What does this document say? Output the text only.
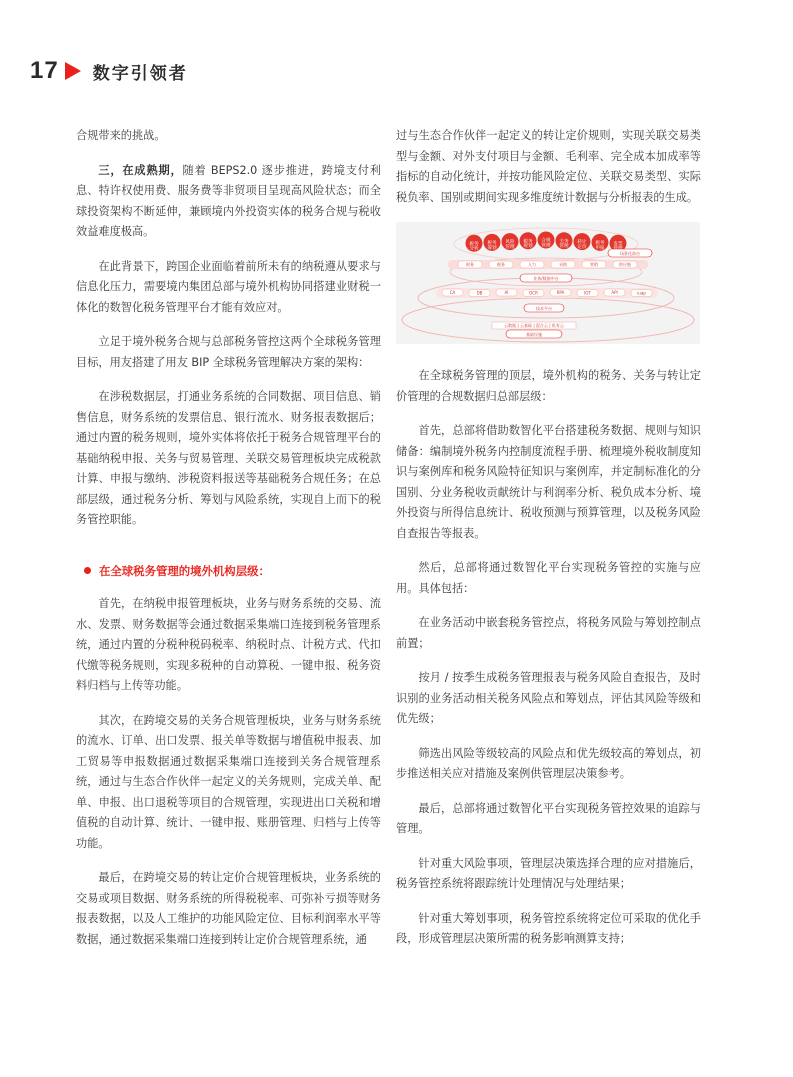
17 数字引领者

合规带来的挑战。

三，在成熟期，随着 BEPS2.0 逐步推进，跨境支付利息、特许权使用费、服务费等非贸项目呈现高风险状态；而全球投资架构不断延伸，兼顾境内外投资实体的税务合规与税收效益难度极高。

在此背景下，跨国企业面临着前所未有的纳税遵从要求与信息化压力，需要境内集团总部与境外机构协同搭建业财税一体化的数智化税务管理平台才能有效应对。

立足于境外税务合规与总部税务管控这两个全球税务管理目标，用友搭建了用友 BIP 全球税务管理解决方案的架构：

在涉税数据层，打通业务系统的合同数据、项目信息、销售信息，财务系统的发票信息、银行流水、财务报表数据后；通过内置的税务规则，境外实体将依托于税务合规管理平台的基础纳税申报、关务与贸易管理、关联交易管理板块完成税款计算、申报与缴纳、涉税资料报送等基础税务合规任务；在总部层级，通过税务分析、筹划与风险系统，实现自上而下的税务管控职能。

在全球税务管理的境外机构层级：

首先，在纳税申报管理板块，业务与财务系统的交易、流水、发票、财务数据等会通过数据采集端口连接到税务管理系统，通过内置的分税种税码税率、纳税时点、计税方式、代扣代缴等税务规则，实现多税种的自动算税、一键申报、税务资料归档与上传等功能。

其次，在跨境交易的关务合规管理板块，业务与财务系统的流水、订单、出口发票、报关单等数据与增值税申报表、加工贸易等申报数据通过数据采集端口连接到关务合规管理系统，通过与生态合作伙伴一起定义的关务规则，完成关单、配单、申报、出口退税等项目的合规管理，实现进出口关税和增值税的自动计算、统计、一键申报、账册管理、归档与上传等功能。

最后，在跨境交易的转让定价合规管理板块，业务系统的交易或项目数据、财务系统的所得税税率、可弥补亏损等财务报表数据，以及人工维护的功能风险定位、目标利润率水平等数据，通过数据采集端口连接到转让定价合规管理系统，通

过与生态合作伙伴一起定义的转让定价规则，实现关联交易类型与金额、对外支付项目与金额、毛利率、完全成本加成率等指标的自动化统计，并按功能风险定位、关联交易类型、实际税负率、国别或期间实现多维度统计数据与分析报表的生成。

税务
分析
税务
筹划
风险
管理
税务
规划
合规
管理
关务
管理
转让
定价
税务
申报
发票
财务	税务	人力	采购	营销	供应链
CA	DB	AI	OCR	RPA	IOT	API	iuap
云数据 | 云基础 | 混合云 | 私有云
场景化前台
业务/数据中台
技术平台
基础设施

在全球税务管理的顶层，境外机构的税务、关务与转让定价管理的合规数据归总部层级：

首先，总部将借助数智化平台搭建税务数据、规则与知识储备：编制境外税务内控制度流程手册、梳理境外税收制度知识与案例库和税务风险特征知识与案例库，并定制标准化的分国别、分业务税收贡献统计与利润率分析、税负成本分析、境外投资与所得信息统计、税收预测与预算管理，以及税务风险自查报告等报表。

然后，总部将通过数智化平台实现税务管控的实施与应用。具体包括：

在业务活动中嵌套税务管控点，将税务风险与筹划控制点前置；

按月 / 按季生成税务管理报表与税务风险自查报告，及时识别的业务活动相关税务风险点和筹划点，评估其风险等级和优先级；

筛选出风险等级较高的风险点和优先级较高的筹划点，初步推送相关应对措施及案例供管理层决策参考。

最后，总部将通过数智化平台实现税务管控效果的追踪与管理。

针对重大风险事项，管理层决策选择合理的应对措施后，税务管控系统将跟踪统计处理情况与处理结果；

针对重大筹划事项，税务管控系统将定位可采取的优化手段，形成管理层决策所需的税务影响测算支持；
